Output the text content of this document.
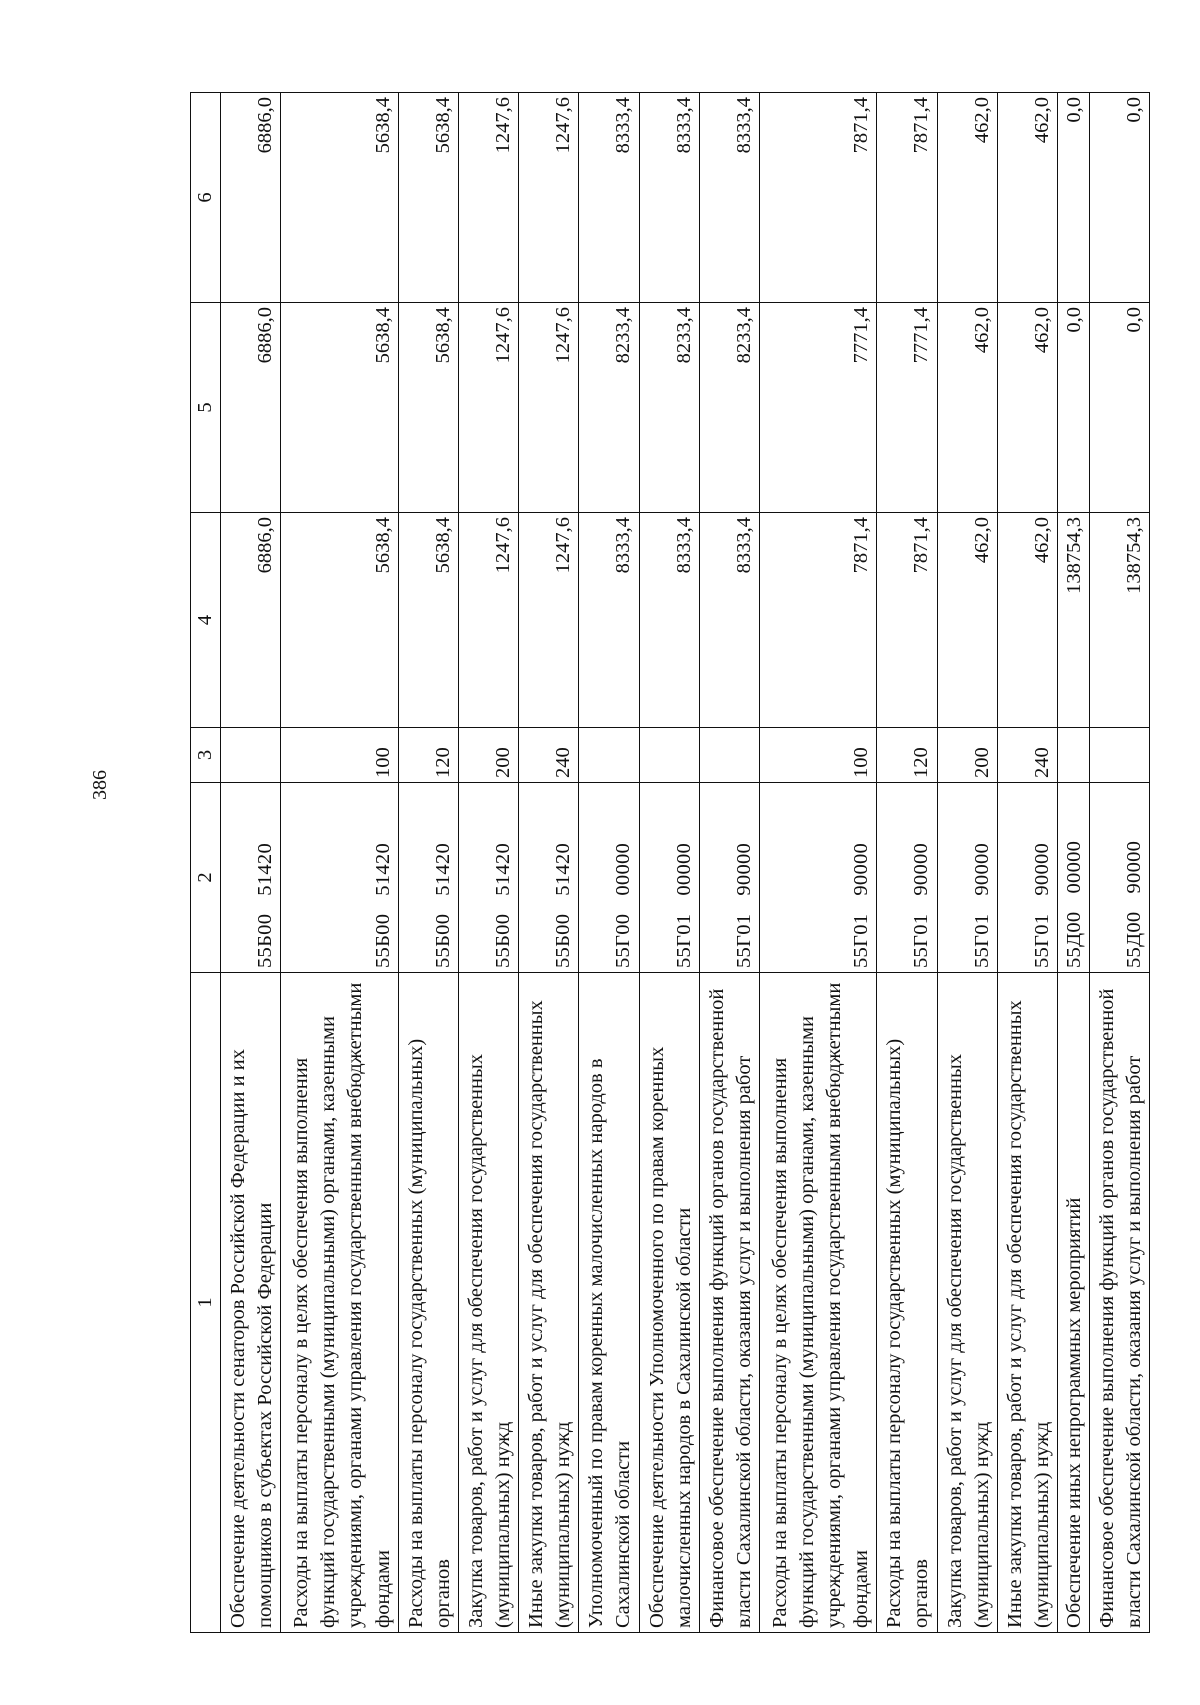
386
1	2	3	4	5	6
Обеспечение деятельности сенаторов Российской Федерации и их помощников в субъектах Российской Федерации	55Б0051420		6886,0	6886,0	6886,0
Расходы на выплаты персоналу в целях обеспечения выполнения функций государственными (муниципальными) органами, казенными учреждениями, органами управления государственными внебюджетными фондами	55Б0051420	100	5638,4	5638,4	5638,4
Расходы на выплаты персоналу государственных (муниципальных) органов	55Б0051420	120	5638,4	5638,4	5638,4
Закупка товаров, работ и услуг для обеспечения государственных (муниципальных) нужд	55Б0051420	200	1247,6	1247,6	1247,6
Иные закупки товаров, работ и услуг для обеспечения государственных (муниципальных) нужд	55Б0051420	240	1247,6	1247,6	1247,6
Уполномоченный по правам коренных малочисленных народов в Сахалинской области	55Г0000000		8333,4	8233,4	8333,4
Обеспечение деятельности Уполномоченного по правам коренных малочисленных народов в Сахалинской области	55Г0100000		8333,4	8233,4	8333,4
Финансовое обеспечение выполнения функций органов государственной власти Сахалинской области, оказания услуг и выполнения работ	55Г0190000		8333,4	8233,4	8333,4
Расходы на выплаты персоналу в целях обеспечения выполнения функций государственными (муниципальными) органами, казенными учреждениями, органами управления государственными внебюджетными фондами	55Г0190000	100	7871,4	7771,4	7871,4
Расходы на выплаты персоналу государственных (муниципальных) органов	55Г0190000	120	7871,4	7771,4	7871,4
Закупка товаров, работ и услуг для обеспечения государственных (муниципальных) нужд	55Г0190000	200	462,0	462,0	462,0
Иные закупки товаров, работ и услуг для обеспечения государственных (муниципальных) нужд	55Г0190000	240	462,0	462,0	462,0
Обеспечение иных непрограммных мероприятий	55Д0000000		138754,3	0,0	0,0
Финансовое обеспечение выполнения функций органов государственной власти Сахалинской области, оказания услуг и выполнения работ	55Д0090000		138754,3	0,0	0,0
